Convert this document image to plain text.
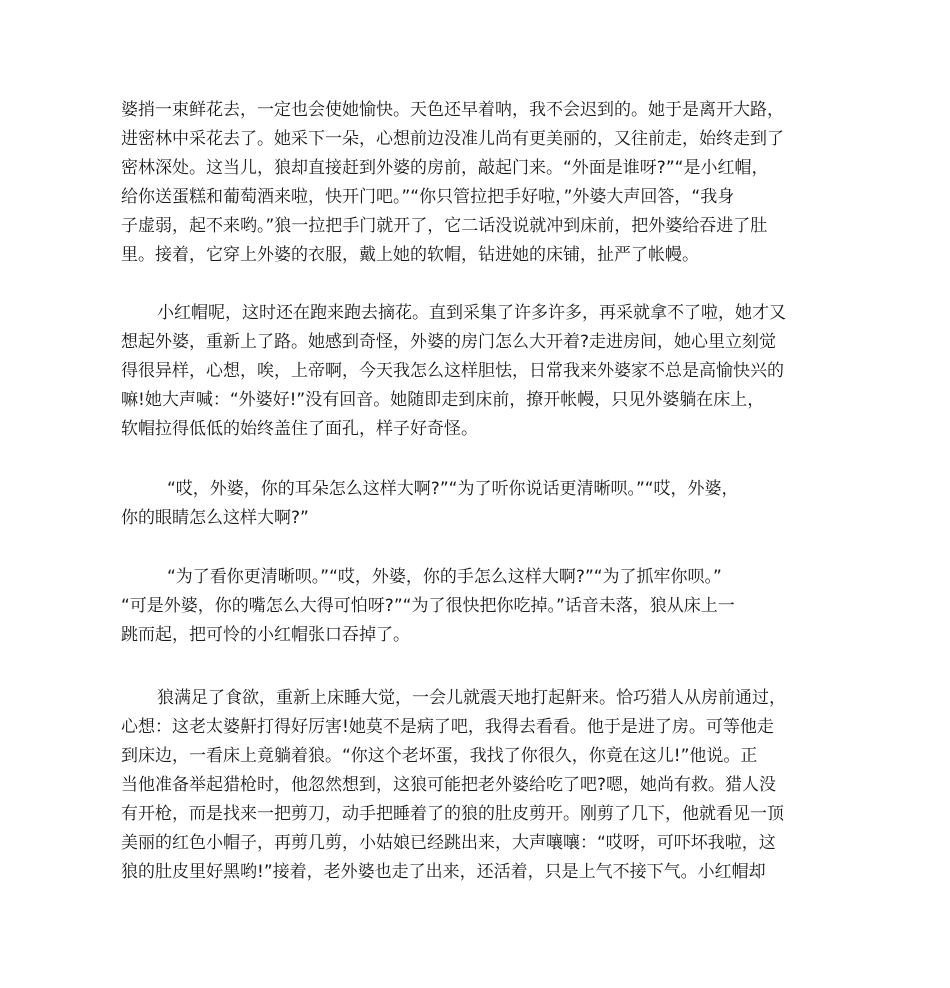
婆捎一束鲜花去，一定也会使她愉快。天色还早着呐，我不会迟到的。她于是离开大路，
进密林中采花去了。她采下一朵，心想前边没准儿尚有更美丽的，又往前走，始终走到了
密林深处。这当儿，狼却直接赶到外婆的房前，敲起门来。“外面是谁呀?”“是小红帽，
给你送蛋糕和葡萄酒来啦，快开门吧。”“你只管拉把手好啦，”外婆大声回答，“我身
子虚弱，起不来哟。”狼一拉把手门就开了，它二话没说就冲到床前，把外婆给吞进了肚
里。接着，它穿上外婆的衣服，戴上她的软帽，钻进她的床铺，扯严了帐幔。
小红帽呢，这时还在跑来跑去摘花。直到采集了许多许多，再采就拿不了啦，她才又
想起外婆，重新上了路。她感到奇怪，外婆的房门怎么大开着?走进房间，她心里立刻觉
得很异样，心想，唉，上帝啊，今天我怎么这样胆怯，日常我来外婆家不总是高愉快兴的
嘛!她大声喊：“外婆好!”没有回音。她随即走到床前，撩开帐幔，只见外婆躺在床上，
软帽拉得低低的始终盖住了面孔，样子好奇怪。
“哎，外婆，你的耳朵怎么这样大啊?”“为了听你说话更清晰呗。”“哎，外婆，
你的眼睛怎么这样大啊?”
“为了看你更清晰呗。”“哎，外婆，你的手怎么这样大啊?”“为了抓牢你呗。”
“可是外婆，你的嘴怎么大得可怕呀?”“为了很快把你吃掉。”话音未落，狼从床上一
跳而起，把可怜的小红帽张口吞掉了。
狼满足了食欲，重新上床睡大觉，一会儿就震天地打起鼾来。恰巧猎人从房前通过，
心想：这老太婆鼾打得好厉害!她莫不是病了吧，我得去看看。他于是进了房。可等他走
到床边，一看床上竟躺着狼。“你这个老坏蛋，我找了你很久，你竟在这儿!”他说。正
当他准备举起猎枪时，他忽然想到，这狼可能把老外婆给吃了吧?嗯，她尚有救。猎人没
有开枪，而是找来一把剪刀，动手把睡着了的狼的肚皮剪开。刚剪了几下，他就看见一顶
美丽的红色小帽子，再剪几剪，小姑娘已经跳出来，大声嚷嚷：“哎呀，可吓坏我啦，这
狼的肚皮里好黑哟!”接着，老外婆也走了出来，还活着，只是上气不接下气。小红帽却
